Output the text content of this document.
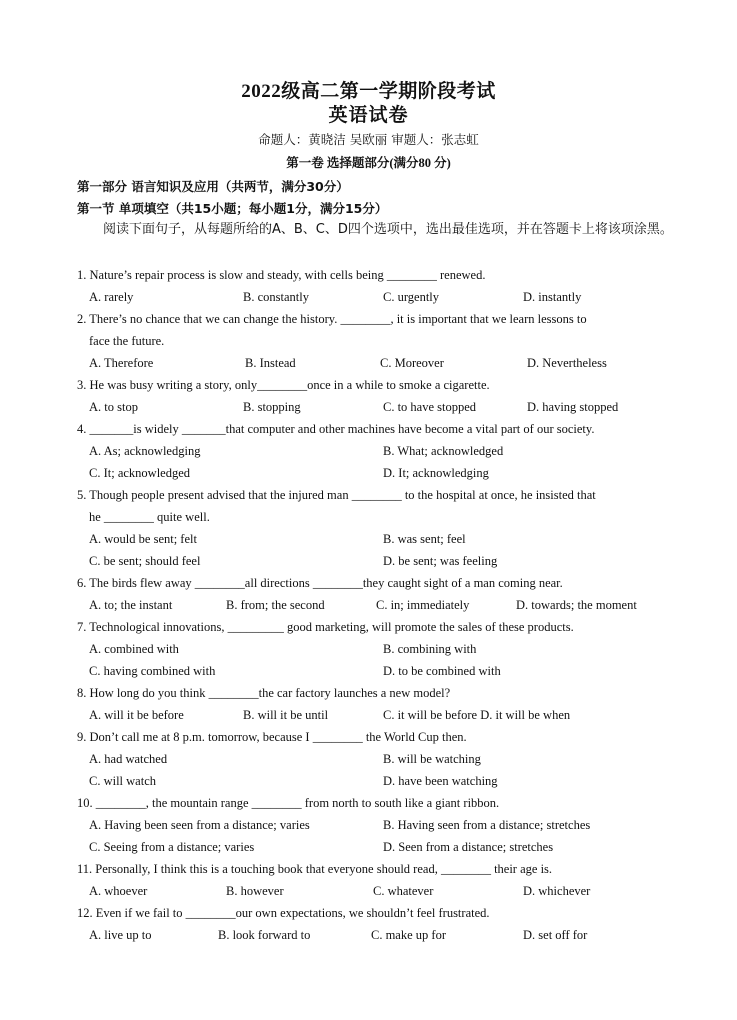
2022级高二第一学期阶段考试
英语试卷
命题人：黄晓洁 吴欧丽 审题人：张志虹
第一卷 选择题部分(满分80 分)
第一部分 语言知识及应用（共两节，满分30分）
第一节 单项填空（共15小题；每小题1分，满分15分）
阅读下面句子，从每题所给的A、B、C、D四个选项中，选出最佳选项，并在答题卡上将该项涂黑。
1. Nature’s repair process is slow and steady, with cells being ________ renewed.
A. rarely	B. constantly	C. urgently	D. instantly
2. There’s no chance that we can change the history. ________, it is important that we learn lessons to
face the future.
A. Therefore	B. Instead	C. Moreover	D. Nevertheless
3. He was busy writing a story, only________once in a while to smoke a cigarette.
A. to stop	B. stopping	C. to have stopped	D. having stopped
4. _______is widely _______that computer and other machines have become a vital part of our society.
A. As; acknowledging	B. What; acknowledged
C. It; acknowledged	D. It; acknowledging
5. Though people present advised that the injured man ________ to the hospital at once, he insisted that
he ________ quite well.
A. would be sent; felt	B. was sent; feel
C. be sent; should feel	D. be sent; was feeling
6. The birds flew away ________all directions ________they caught sight of a man coming near.
A. to; the instant	B. from; the second	C. in; immediately	D. towards; the moment
7. Technological innovations, _________ good marketing, will promote the sales of these products.
A. combined with	B. combining with
C. having combined with	D. to be combined with
8. How long do you think ________the car factory launches a new model?
A. will it be before	B. will it be until	C. it will be before D. it will be when
9. Don’t call me at 8 p.m. tomorrow, because I ________ the World Cup then.
A. had watched	B. will be watching
C. will watch	D. have been watching
10. ________, the mountain range ________ from north to south like a giant ribbon.
A. Having been seen from a distance; varies	B. Having seen from a distance; stretches
C. Seeing from a distance; varies	D. Seen from a distance; stretches
11. Personally, I think this is a touching book that everyone should read, ________ their age is.
A. whoever	B. however	C. whatever	D. whichever
12. Even if we fail to ________our own expectations, we shouldn’t feel frustrated.
A. live up to	B. look forward to	C. make up for	D. set off for
